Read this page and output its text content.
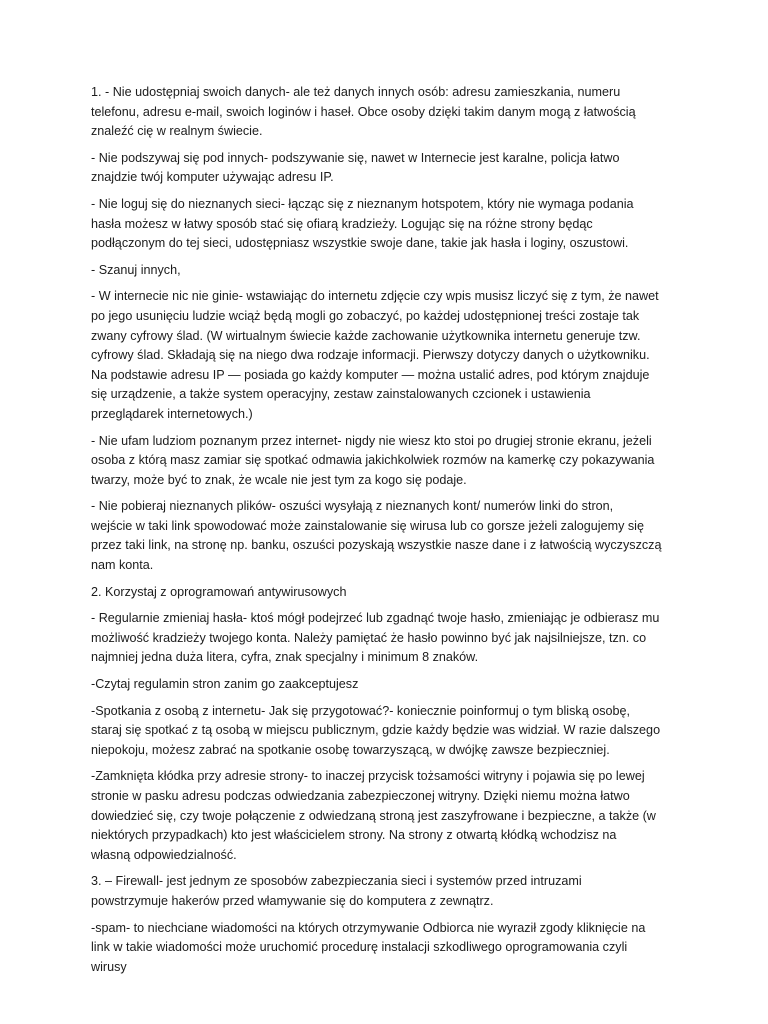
1. - Nie udostępniaj swoich danych- ale też danych innych osób: adresu zamieszkania, numeru
telefonu, adresu e-mail, swoich loginów i haseł. Obce osoby dzięki takim danym mogą z łatwością
znaleźć cię w realnym świecie.

- Nie podszywaj się pod innych- podszywanie się, nawet w Internecie jest karalne, policja łatwo
znajdzie twój komputer używając adresu IP.

- Nie loguj się do nieznanych sieci- łącząc się z nieznanym hotspotem, który nie wymaga podania
hasła możesz w łatwy sposób stać się ofiarą kradzieży. Logując się na różne strony będąc
podłączonym do tej sieci, udostępniasz wszystkie swoje dane, takie jak hasła i loginy, oszustowi.

- Szanuj innych,

- W internecie nic nie ginie- wstawiając do internetu zdjęcie czy wpis musisz liczyć się z tym, że nawet
po jego usunięciu ludzie wciąż będą mogli go zobaczyć, po każdej udostępnionej treści zostaje tak
zwany cyfrowy ślad. (W wirtualnym świecie każde zachowanie użytkownika internetu generuje tzw.
cyfrowy ślad. Składają się na niego dwa rodzaje informacji. Pierwszy dotyczy danych o użytkowniku.
Na podstawie adresu IP — posiada go każdy komputer — można ustalić adres, pod którym znajduje
się urządzenie, a także system operacyjny, zestaw zainstalowanych czcionek i ustawienia
przeglądarek internetowych.)

- Nie ufam ludziom poznanym przez internet- nigdy nie wiesz kto stoi po drugiej stronie ekranu, jeżeli
osoba z którą masz zamiar się spotkać odmawia jakichkolwiek rozmów na kamerkę czy pokazywania
twarzy, może być to znak, że wcale nie jest tym za kogo się podaje.

- Nie pobieraj nieznanych plików- oszuści wysyłają z nieznanych kont/ numerów linki do stron,
wejście w taki link spowodować może zainstalowanie się wirusa lub co gorsze jeżeli zalogujemy się
przez taki link, na stronę np. banku, oszuści pozyskają wszystkie nasze dane i z łatwością wyczyszczą
nam konta.

2. Korzystaj z oprogramowań antywirusowych

- Regularnie zmieniaj hasła- ktoś mógł podejrzeć lub zgadnąć twoje hasło, zmieniając je odbierasz mu
możliwość kradzieży twojego konta. Należy pamiętać że hasło powinno być jak najsilniejsze, tzn. co
najmniej jedna duża litera, cyfra, znak specjalny i minimum 8 znaków.

-Czytaj regulamin stron zanim go zaakceptujesz

-Spotkania z osobą z internetu- Jak się przygotować?- koniecznie poinformuj o tym bliską osobę,
staraj się spotkać z tą osobą w miejscu publicznym, gdzie każdy będzie was widział. W razie dalszego
niepokoju, możesz zabrać na spotkanie osobę towarzyszącą, w dwójkę zawsze bezpieczniej.

-Zamknięta kłódka przy adresie strony- to inaczej przycisk tożsamości witryny i pojawia się po lewej
stronie w pasku adresu podczas odwiedzania zabezpieczonej witryny. Dzięki niemu można łatwo
dowiedzieć się, czy twoje połączenie z odwiedzaną stroną jest zaszyfrowane i bezpieczne, a także (w
niektórych przypadkach) kto jest właścicielem strony. Na strony z otwartą kłódką wchodzisz na
własną odpowiedzialność.

3. – Firewall- jest jednym ze sposobów zabezpieczania sieci i systemów przed intruzami
powstrzymuje hakerów przed włamywanie się do komputera z zewnątrz.

-spam- to niechciane wiadomości na których otrzymywanie Odbiorca nie wyraził zgody kliknięcie na
link w takie wiadomości może uruchomić procedurę instalacji szkodliwego oprogramowania czyli
wirusy
